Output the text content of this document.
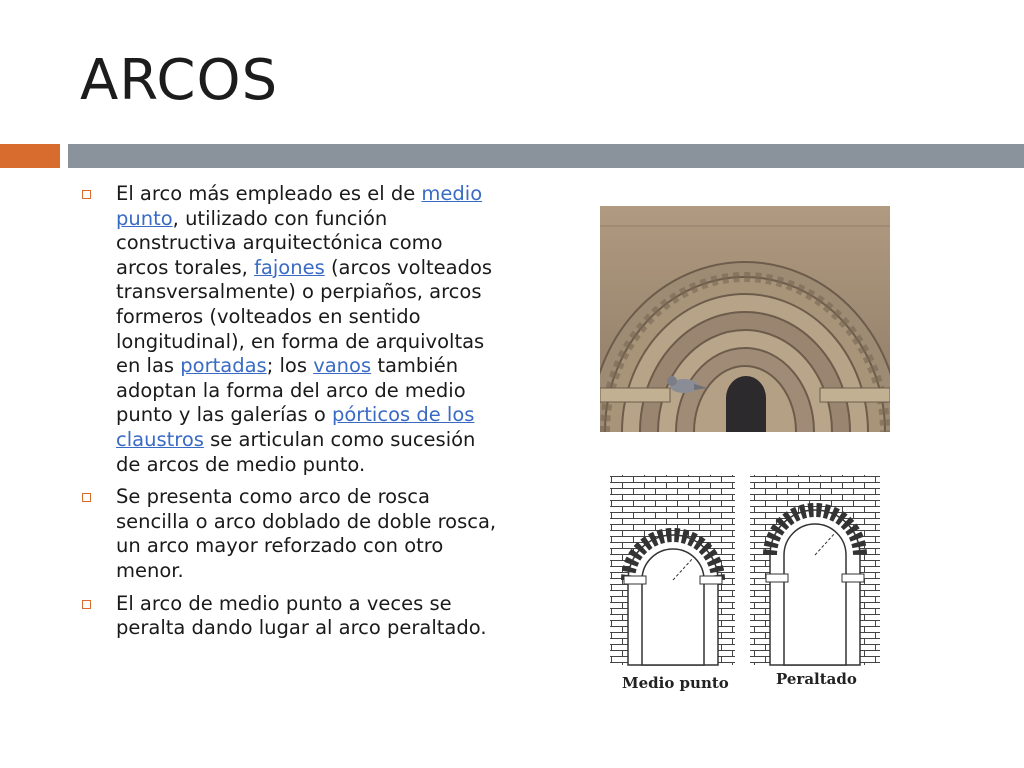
ARCOS
El arco más empleado es el de medio punto, utilizado con función constructiva arquitectónica como arcos torales, fajones (arcos volteados transversalmente) o perpiaños, arcos formeros (volteados en sentido longitudinal), en forma de arquivoltas en las portadas; los vanos también adoptan la forma del arco de medio punto y las galerías o pórticos de los claustros se articulan como sucesión de arcos de medio punto.
Se presenta como arco de rosca sencilla o arco doblado de doble rosca, un arco mayor reforzado con otro menor.
El arco de medio punto a veces se peralta dando lugar al arco peraltado.
Medio punto	Peraltado
